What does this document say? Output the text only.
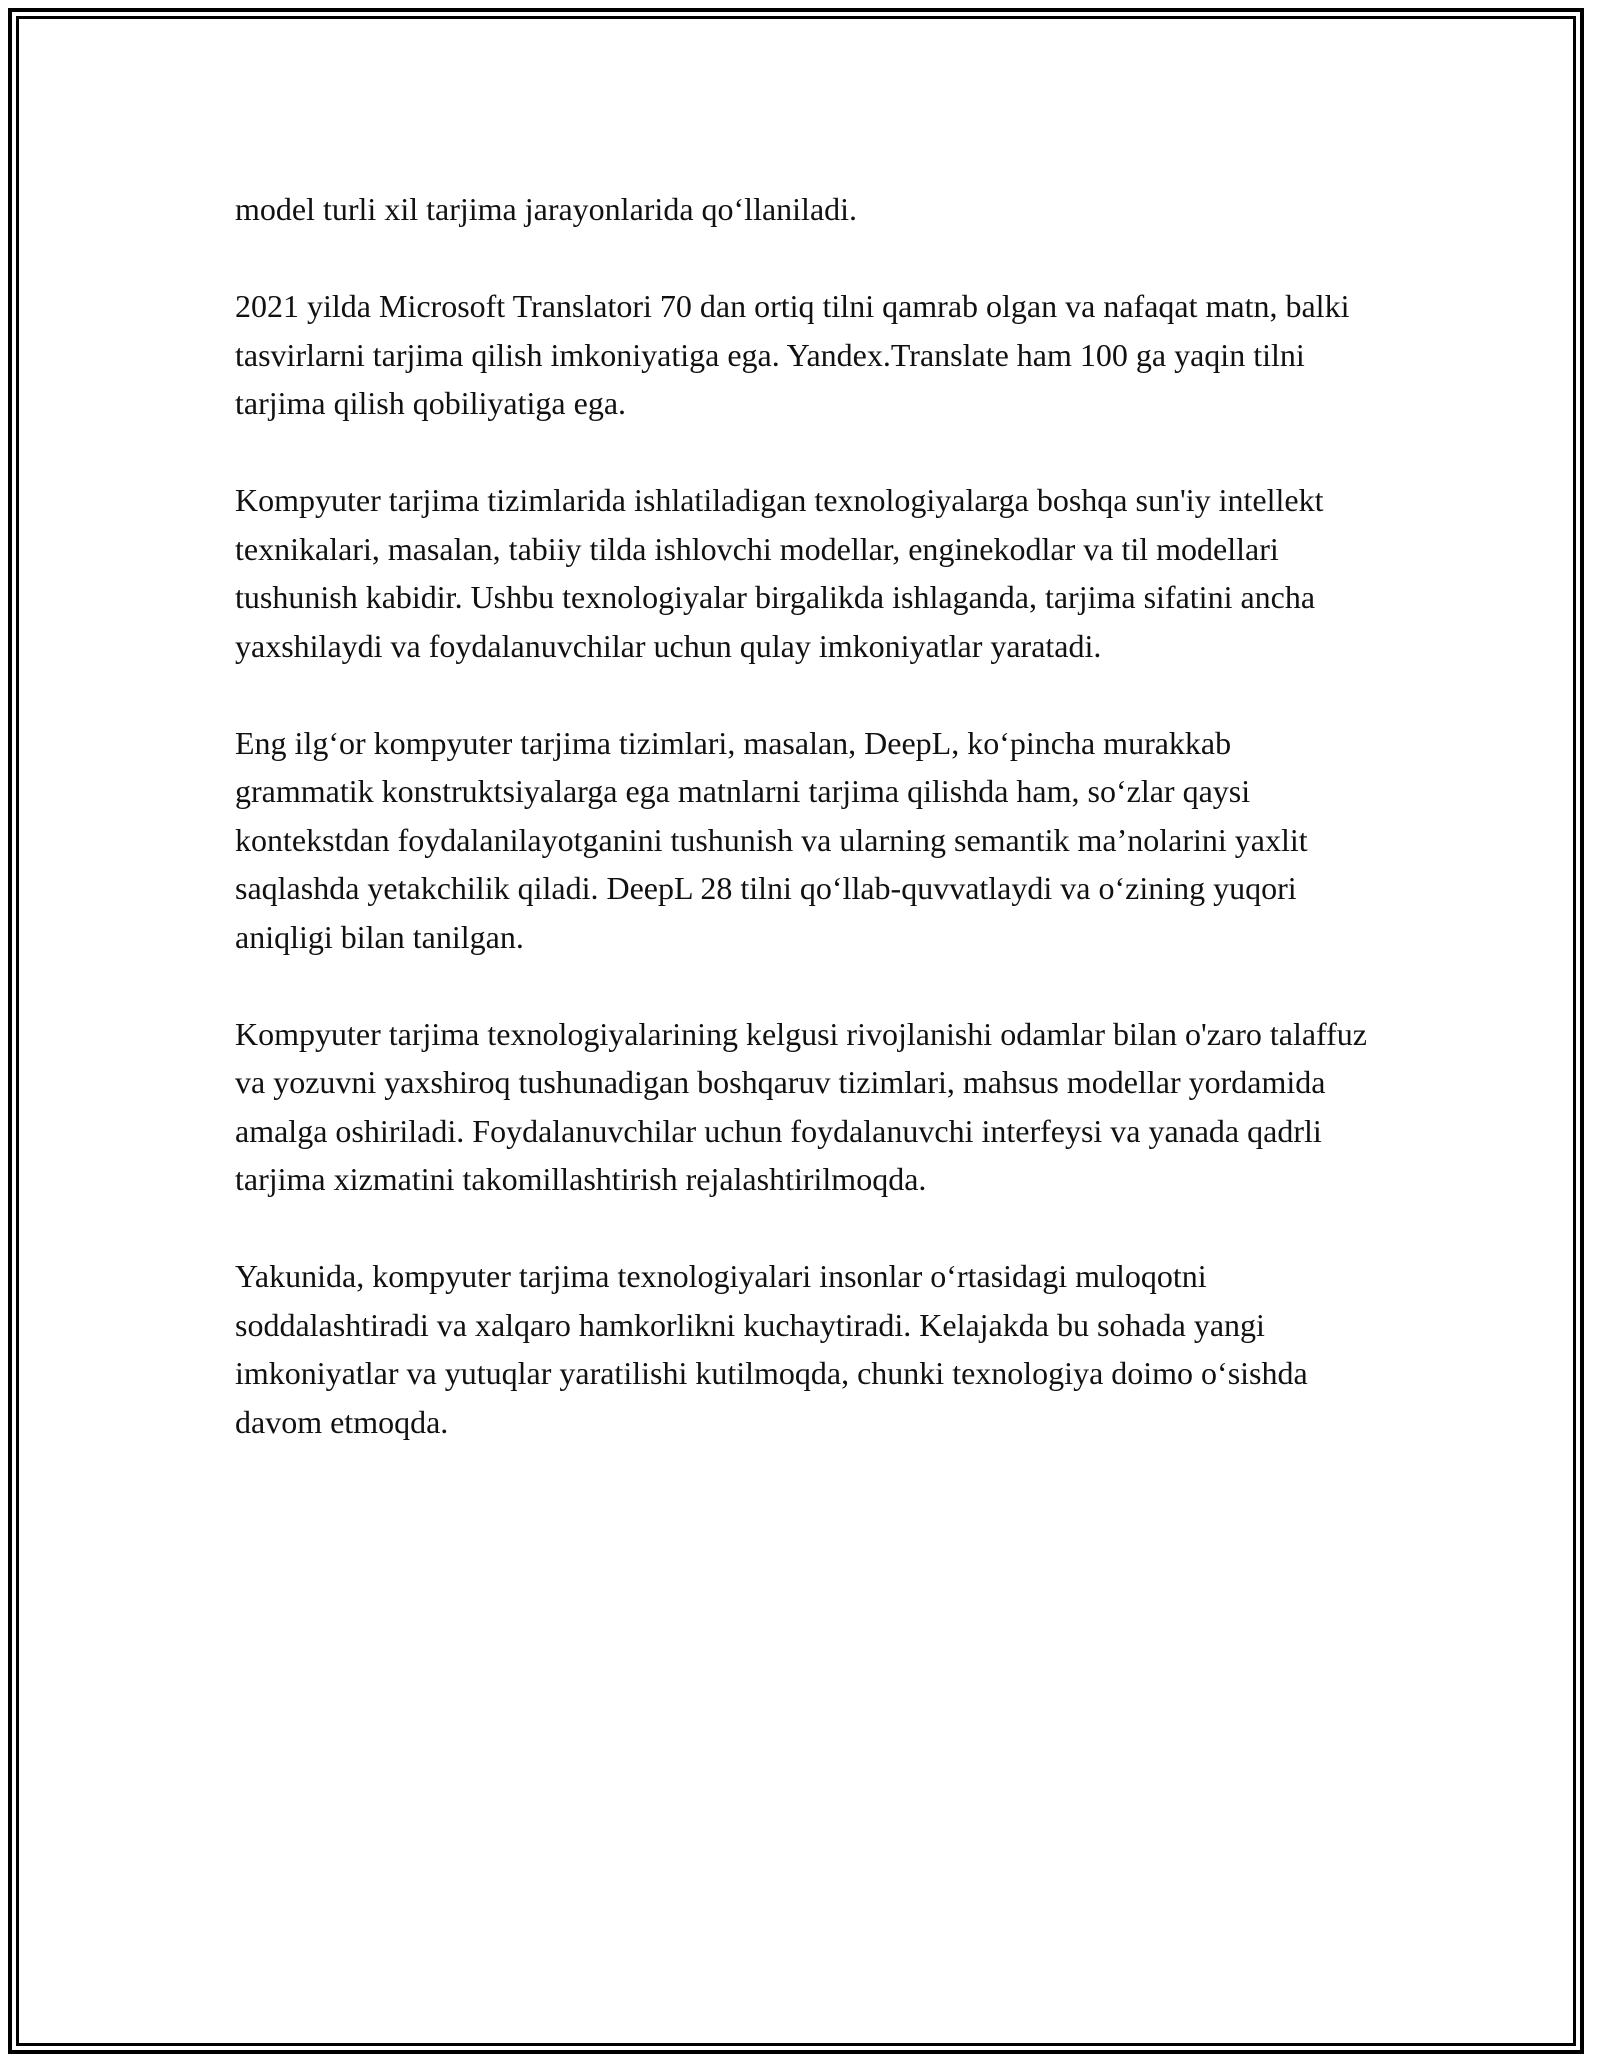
model turli xil tarjima jarayonlarida qo‘llaniladi.

2021 yilda Microsoft Translatori 70 dan ortiq tilni qamrab olgan va nafaqat matn, balki tasvirlarni tarjima qilish imkoniyatiga ega. Yandex.Translate ham 100 ga yaqin tilni tarjima qilish qobiliyatiga ega.

Kompyuter tarjima tizimlarida ishlatiladigan texnologiyalarga boshqa sun'iy intellekt texnikalari, masalan, tabiiy tilda ishlovchi modellar, enginekodlar va til modellari tushunish kabidir. Ushbu texnologiyalar birgalikda ishlaganda, tarjima sifatini ancha yaxshilaydi va foydalanuvchilar uchun qulay imkoniyatlar yaratadi.

Eng ilg‘or kompyuter tarjima tizimlari, masalan, DeepL, ko‘pincha murakkab grammatik konstruktsiyalarga ega matnlarni tarjima qilishda ham, so‘zlar qaysi kontekstdan foydalanilayotganini tushunish va ularning semantik ma’nolarini yaxlit saqlashda yetakchilik qiladi. DeepL 28 tilni qo‘llab-quvvatlaydi va o‘zining yuqori aniqligi bilan tanilgan.

Kompyuter tarjima texnologiyalarining kelgusi rivojlanishi odamlar bilan o'zaro talaffuz va yozuvni yaxshiroq tushunadigan boshqaruv tizimlari, mahsus modellar yordamida amalga oshiriladi. Foydalanuvchilar uchun foydalanuvchi interfeysi va yanada qadrli tarjima xizmatini takomillashtirish rejalashtirilmoqda.

Yakunida, kompyuter tarjima texnologiyalari insonlar o‘rtasidagi muloqotni soddalashtiradi va xalqaro hamkorlikni kuchaytiradi. Kelajakda bu sohada yangi imkoniyatlar va yutuqlar yaratilishi kutilmoqda, chunki texnologiya doimo o‘sishda davom etmoqda.
